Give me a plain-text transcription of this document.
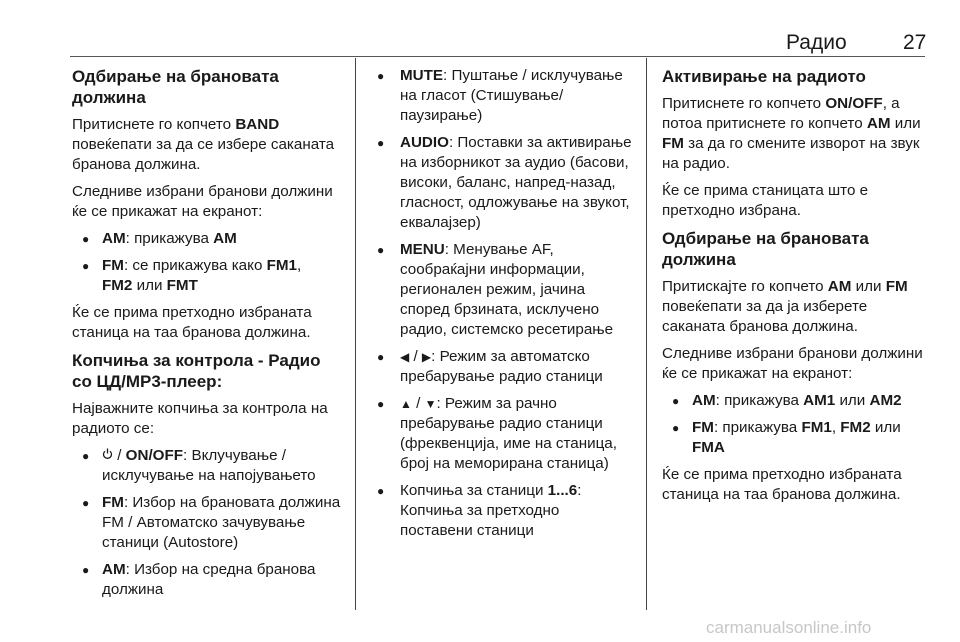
Радио	27
Одбирање на брановата должина

Притиснете го копчето BAND повеќепати за да се избере саканата бранова должина.

Следниве избрани бранови должини ќе се прикажат на екранот:

● AM: прикажува AM
● FM: се прикажува како FM1,
FM2 или FMT

Ќе се прима претходно избраната станица на таа бранова должина.

Копчиња за контрола - Радио со ЦД/MP3-плеер:

Најважните копчиња за контрола на радиото се:

● / ON/OFF: Вклучување / исклучување на напојувањето
● FM: Избор на брановата должина FM / Автоматско зачувување станици (Autostore)
● AM: Избор на средна бранова должина
● MUTE: Пуштање / исклучување на гласот (Стишување/паузирање)
● AUDIO: Поставки за активирање на изборникот за аудио (басови, високи, баланс, напред-назад, гласност, одложување на звукот, еквалајзер)
● MENU: Менување AF, сообраќајни информации, регионален режим, јачина според брзината, исклучено радио, системско ресетирање
● ◀ / ▶: Режим за автоматско пребарување радио станици
● ▲ / ▼: Режим за рачно пребарување радио станици (фреквенција, име на станица, број на меморирана станица)
● Копчиња за станици 1...6: Копчиња за претходно поставени станици
Активирање на радиото

Притиснете го копчето ON/OFF, а потоа притиснете го копчето AM или FM за да го смените изворот на звук на радио.

Ќе се прима станицата што е претходно избрана.

Одбирање на брановата должина

Притискајте го копчето AM или FM повеќепати за да ја изберете саканата бранова должина.

Следниве избрани бранови должини ќе се прикажат на екранот:

● AM: прикажува AM1 или AM2
● FM: прикажува FM1, FM2 или
FMA

Ќе се прима претходно избраната станица на таа бранова должина.

carmanualsonline.info
